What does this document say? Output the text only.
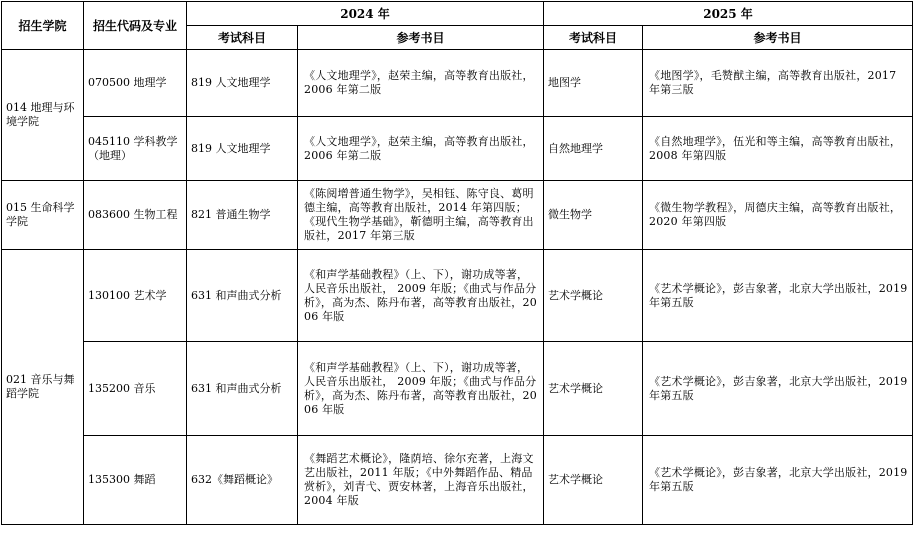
招生学院	招生代码及专业	2024 年		2025 年	
		考试科目	参考书目	考试科目	参考书目
014 地理与环境学院	070500 地理学	819 人文地理学	《人文地理学》，赵荣主编，高等教育出版社，2006 年第二版	地图学	《地图学》，毛赞猷主编，高等教育出版社，2017 年第三版
	045110 学科教学（地理）	819 人文地理学	《人文地理学》，赵荣主编，高等教育出版社，2006 年第二版	自然地理学	《自然地理学》，伍光和等主编，高等教育出版社，2008 年第四版
015 生命科学学院	083600 生物工程	821 普通生物学	《陈阅增普通生物学》，吴相钰、陈守良、葛明德主编，高等教育出版社，2014 年第四版；《现代生物学基础》，靳德明主编，高等教育出版社，2017 年第三版	微生物学	《微生物学教程》，周德庆主编，高等教育出版社，2020 年第四版
021 音乐与舞蹈学院	130100 艺术学	631 和声曲式分析	《和声学基础教程》（上、下），谢功成等著，人民音乐出版社， 2009 年版；《曲式与作品分析》，高为杰、陈丹布著，高等教育出版社，2006 年版	艺术学概论	《艺术学概论》，彭吉象著，北京大学出版社，2019 年第五版
	135200 音乐	631 和声曲式分析	《和声学基础教程》（上、下），谢功成等著，人民音乐出版社， 2009 年版；《曲式与作品分析》，高为杰、陈丹布著，高等教育出版社，2006 年版	艺术学概论	《艺术学概论》，彭吉象著，北京大学出版社，2019 年第五版
	135300 舞蹈	632《舞蹈概论》	《舞蹈艺术概论》，隆荫培、徐尔充著，上海文艺出版社，2011 年版；《中外舞蹈作品、精品赏析》，刘青弋、贾安林著，上海音乐出版社，2004 年版	艺术学概论	《艺术学概论》，彭吉象著，北京大学出版社，2019 年第五版
